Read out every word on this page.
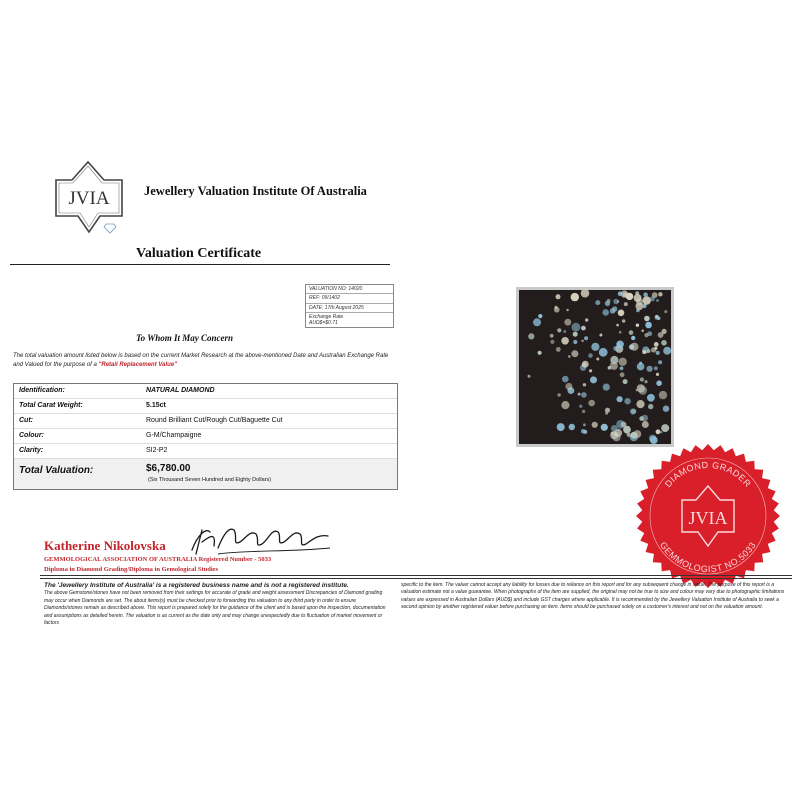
JVIA	Jewellery Valuation Institute Of Australia
Valuation Certificate
VALUATION NO: 14020
REF: 09/1402
DATE: 17th August 2025
Exchange Rate
AUD$=$0.71
To Whom It May Concern
The total valuation amount listed below is based on the current Market Research at the above-mentioned Date and Australian Exchange Rate and Valued for the purpose of a "Retail Replacement Value"
Identification:	NATURAL DIAMOND
Total Carat Weight:	5.15ct
Cut:	Round Brilliant Cut/Rough Cut/Baguette Cut
Colour:	G-M/Champaigne
Clarity:	SI2-P2
Total Valuation:	$6,780.00
(Six Thousand Seven Hundred and Eighty Dollars)	DIAMOND GRADER
GEMMOLOGIST NO.5033
JVIA
Katherine Nikolovska
GEMMOLOGICAL ASSOCIATION OF AUSTRALIA Registered Number - 5033
Diploma in Diamond Grading/Diploma in Gemological Studies
The 'Jewellery Institute of Australia' is a registered business name and is not a registered institute.
The above Gemstone/stones have not been removed from their settings for accurate of grade and weight assessment Discrepancies of Diamond grading may occur when Diamonds are set. The about items(s) must be checked prior to forwarding this valuation to any third party in order to ensure Diamonds/stones remain as described above. This report is prepared solely for the guidance of the client and is based upon the inspection, documentation and assumptions as detailed herein. The valuation is as current as the date only and may change unexpectedly due to fluctuation of market movement or factors
specific to the item. The valuer cannot accept any liability for losses due to reliance on this report and for any subsequent change in value. The purpose of this report is a valuation estimate not a value guarantee. When photographs of the item are supplied, the original may not be true to size and colour may vary due to photographic limitations values are expressed in Australian Dollars (AUD$) and include GST charges where applicable. It is recommended by the Jewellery Valuation Institute of Australia to seek a second opinion by another registered valuer before purchasing an item. Items should be purchased solely on a customer's interest and not on the valuation amount.
